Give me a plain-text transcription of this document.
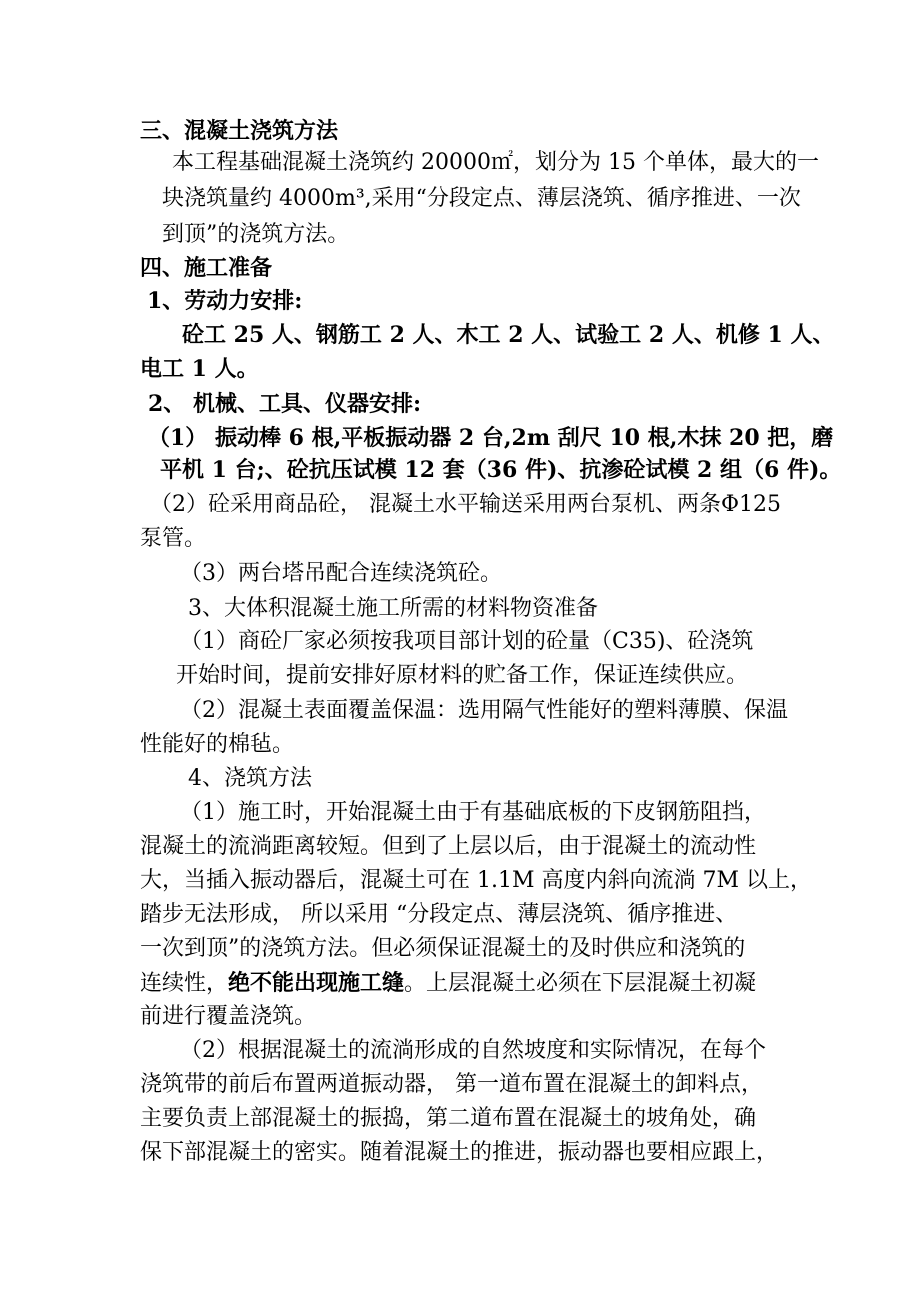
三、混凝土浇筑方法
本工程基础混凝土浇筑约 20000㎡，划分为 15 个单体，最大的一
块浇筑量约 4000m³,采用“分段定点、薄层浇筑、循序推进、一次
到顶”的浇筑方法。
四、施工准备
1、劳动力安排:
砼工 25 人、钢筋工 2 人、木工 2 人、试验工 2 人、机修 1 人、
电工 1 人。
2、 机械、工具、仪器安排:
（1） 振动棒 6 根,平板振动器 2 台,2m 刮尺 10 根,木抹 20 把，磨
平机 1 台;、砼抗压试模 12 套（36 件)、抗渗砼试模 2 组（6 件)。
（2）砼采用商品砼， 混凝土水平输送采用两台泵机、两条Φ125
泵管。
（3）两台塔吊配合连续浇筑砼。
3、大体积混凝土施工所需的材料物资准备
（1）商砼厂家必须按我项目部计划的砼量（C35)、砼浇筑
开始时间，提前安排好原材料的贮备工作，保证连续供应。
（2）混凝土表面覆盖保温：选用隔气性能好的塑料薄膜、保温
性能好的棉毡。
4、浇筑方法
（1）施工时，开始混凝土由于有基础底板的下皮钢筋阻挡，
混凝土的流淌距离较短。但到了上层以后，由于混凝土的流动性
大，当插入振动器后，混凝土可在 1.1M 高度内斜向流淌 7M 以上，
踏步无法形成， 所以采用 “分段定点、薄层浇筑、循序推进、
一次到顶”的浇筑方法。但必须保证混凝土的及时供应和浇筑的
连续性，绝不能出现施工缝。上层混凝土必须在下层混凝土初凝
前进行覆盖浇筑。
（2）根据混凝土的流淌形成的自然坡度和实际情况，在每个
浇筑带的前后布置两道振动器， 第一道布置在混凝土的卸料点，
主要负责上部混凝土的振捣，第二道布置在混凝土的坡角处，确
保下部混凝土的密实。随着混凝土的推进，振动器也要相应跟上，
